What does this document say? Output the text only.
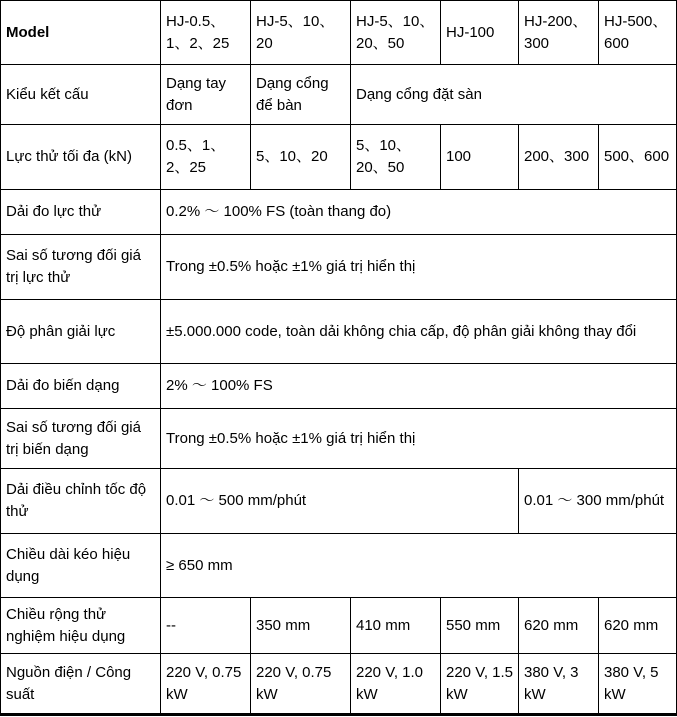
Model	HJ-0.5、1、2、25	HJ-5、10、20	HJ-5、10、20、50	HJ-100	HJ-200、300	HJ-500、600
Kiểu kết cấu	Dạng tay đơn	Dạng cổng để bàn	Dạng cổng đặt sàn			
Lực thử tối đa (kN)	0.5、1、2、25	5、10、20	5、10、20、50	100	200、300	500、600
Dải đo lực thử	0.2% ～ 100% FS (toàn thang đo)					
Sai số tương đối giá trị lực thử	Trong ±0.5% hoặc ±1% giá trị hiển thị					
Độ phân giải lực	±5.000.000 code, toàn dải không chia cấp, độ phân giải không thay đổi					
Dải đo biến dạng	2% ～ 100% FS					
Sai số tương đối giá trị biến dạng	Trong ±0.5% hoặc ±1% giá trị hiển thị					
Dải điều chỉnh tốc độ thử	0.01 ～ 500 mm/phút				0.01 ～ 300 mm/phút	
Chiều dài kéo hiệu dụng	≥ 650 mm					
Chiều rộng thử nghiệm hiệu dụng	--	350 mm	410 mm	550 mm	620 mm	620 mm
Nguồn điện / Công suất	220 V, 0.75 kW	220 V, 0.75 kW	220 V, 1.0 kW	220 V, 1.5 kW	380 V, 3 kW	380 V, 5 kW
